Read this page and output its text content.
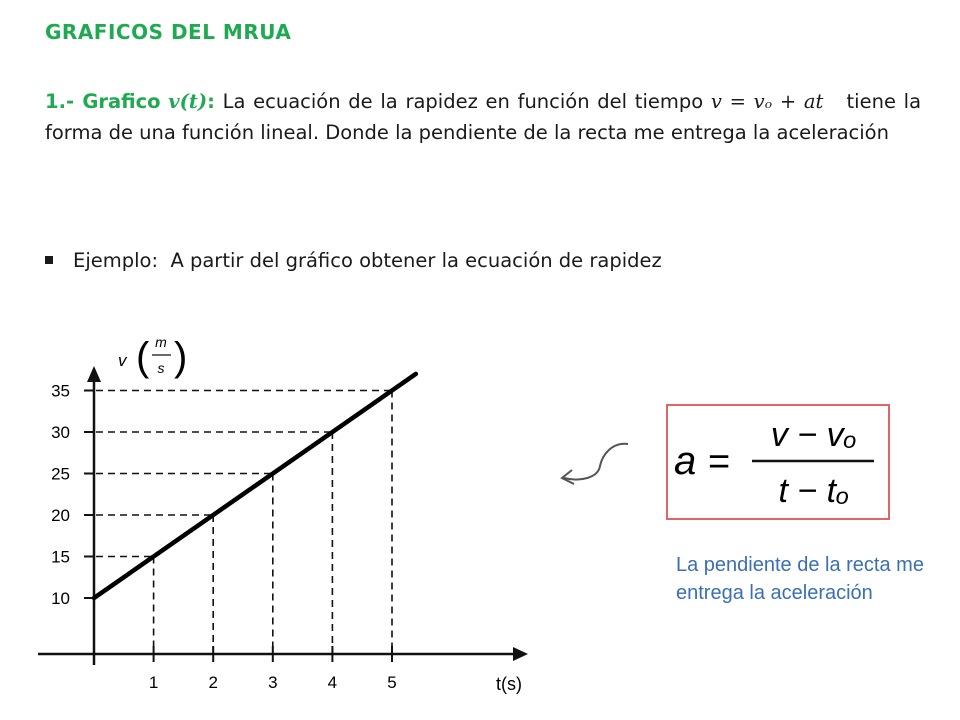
GRAFICOS DEL MRUA
1.- Grafico v(t): La ecuación de la rapidez en función del tiempo v = vₒ + at tiene la forma de una función lineal. Donde la pendiente de la recta me entrega la aceleración
Ejemplo: A partir del gráfico obtener la ecuación de rapidez
10
15
20
25
30
35
1	2	3	4	5
v ( m
s )
t(s)
a =
v − vₒ
t − tₒ
La pendiente de la recta me entrega la aceleración
